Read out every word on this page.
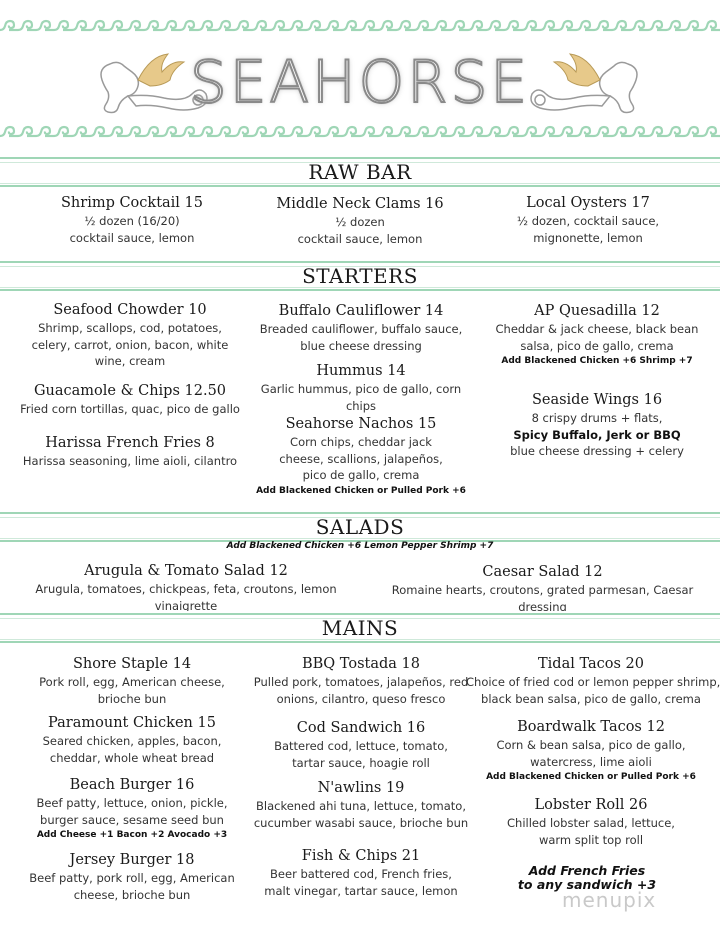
SEAHORSE
RAW BAR
Shrimp Cocktail 15
½ dozen (16/20)
cocktail sauce, lemon
Middle Neck Clams 16
½ dozen
cocktail sauce, lemon
Local Oysters 17
½ dozen, cocktail sauce,
mignonette, lemon
STARTERS
Seafood Chowder 10
Shrimp, scallops, cod, potatoes,
celery, carrot, onion, bacon, white
wine, cream
Guacamole & Chips 12.50
Fried corn tortillas, quac, pico de gallo
Harissa French Fries 8
Harissa seasoning, lime aioli, cilantro
Buffalo Cauliflower 14
Breaded cauliflower, buffalo sauce,
blue cheese dressing
Hummus 14
Garlic hummus, pico de gallo, corn chips
Seahorse Nachos 15
Corn chips, cheddar jack
cheese, scallions, jalapeños,
pico de gallo, crema
Add Blackened Chicken or Pulled Pork +6
AP Quesadilla 12
Cheddar & jack cheese, black bean
salsa, pico de gallo, crema
Add Blackened Chicken +6 Shrimp +7
Seaside Wings 16
8 crispy drums + flats,
Spicy Buffalo, Jerk or BBQ
blue cheese dressing + celery
SALADS
Add Blackened Chicken +6 Lemon Pepper Shrimp +7
Arugula & Tomato Salad 12
Arugula, tomatoes, chickpeas, feta, croutons, lemon vinaigrette
Caesar Salad 12
Romaine hearts, croutons, grated parmesan, Caesar dressing
MAINS
Shore Staple 14
Pork roll, egg, American cheese,
brioche bun
Paramount Chicken 15
Seared chicken, apples, bacon,
cheddar, whole wheat bread
Beach Burger 16
Beef patty, lettuce, onion, pickle,
burger sauce, sesame seed bun
Add Cheese +1 Bacon +2 Avocado +3
Jersey Burger 18
Beef patty, pork roll, egg, American
cheese, brioche bun
BBQ Tostada 18
Pulled pork, tomatoes, jalapeños, red
onions, cilantro, queso fresco
Cod Sandwich 16
Battered cod, lettuce, tomato,
tartar sauce, hoagie roll
N'awlins 19
Blackened ahi tuna, lettuce, tomato,
cucumber wasabi sauce, brioche bun
Fish & Chips 21
Beer battered cod, French fries,
malt vinegar, tartar sauce, lemon
Tidal Tacos 20
Choice of fried cod or lemon pepper shrimp,
black bean salsa, pico de gallo, crema
Boardwalk Tacos 12
Corn & bean salsa, pico de gallo,
watercress, lime aioli
Add Blackened Chicken or Pulled Pork +6
Lobster Roll 26
Chilled lobster salad, lettuce,
warm split top roll
Add French Fries
to any sandwich +3
menupix
